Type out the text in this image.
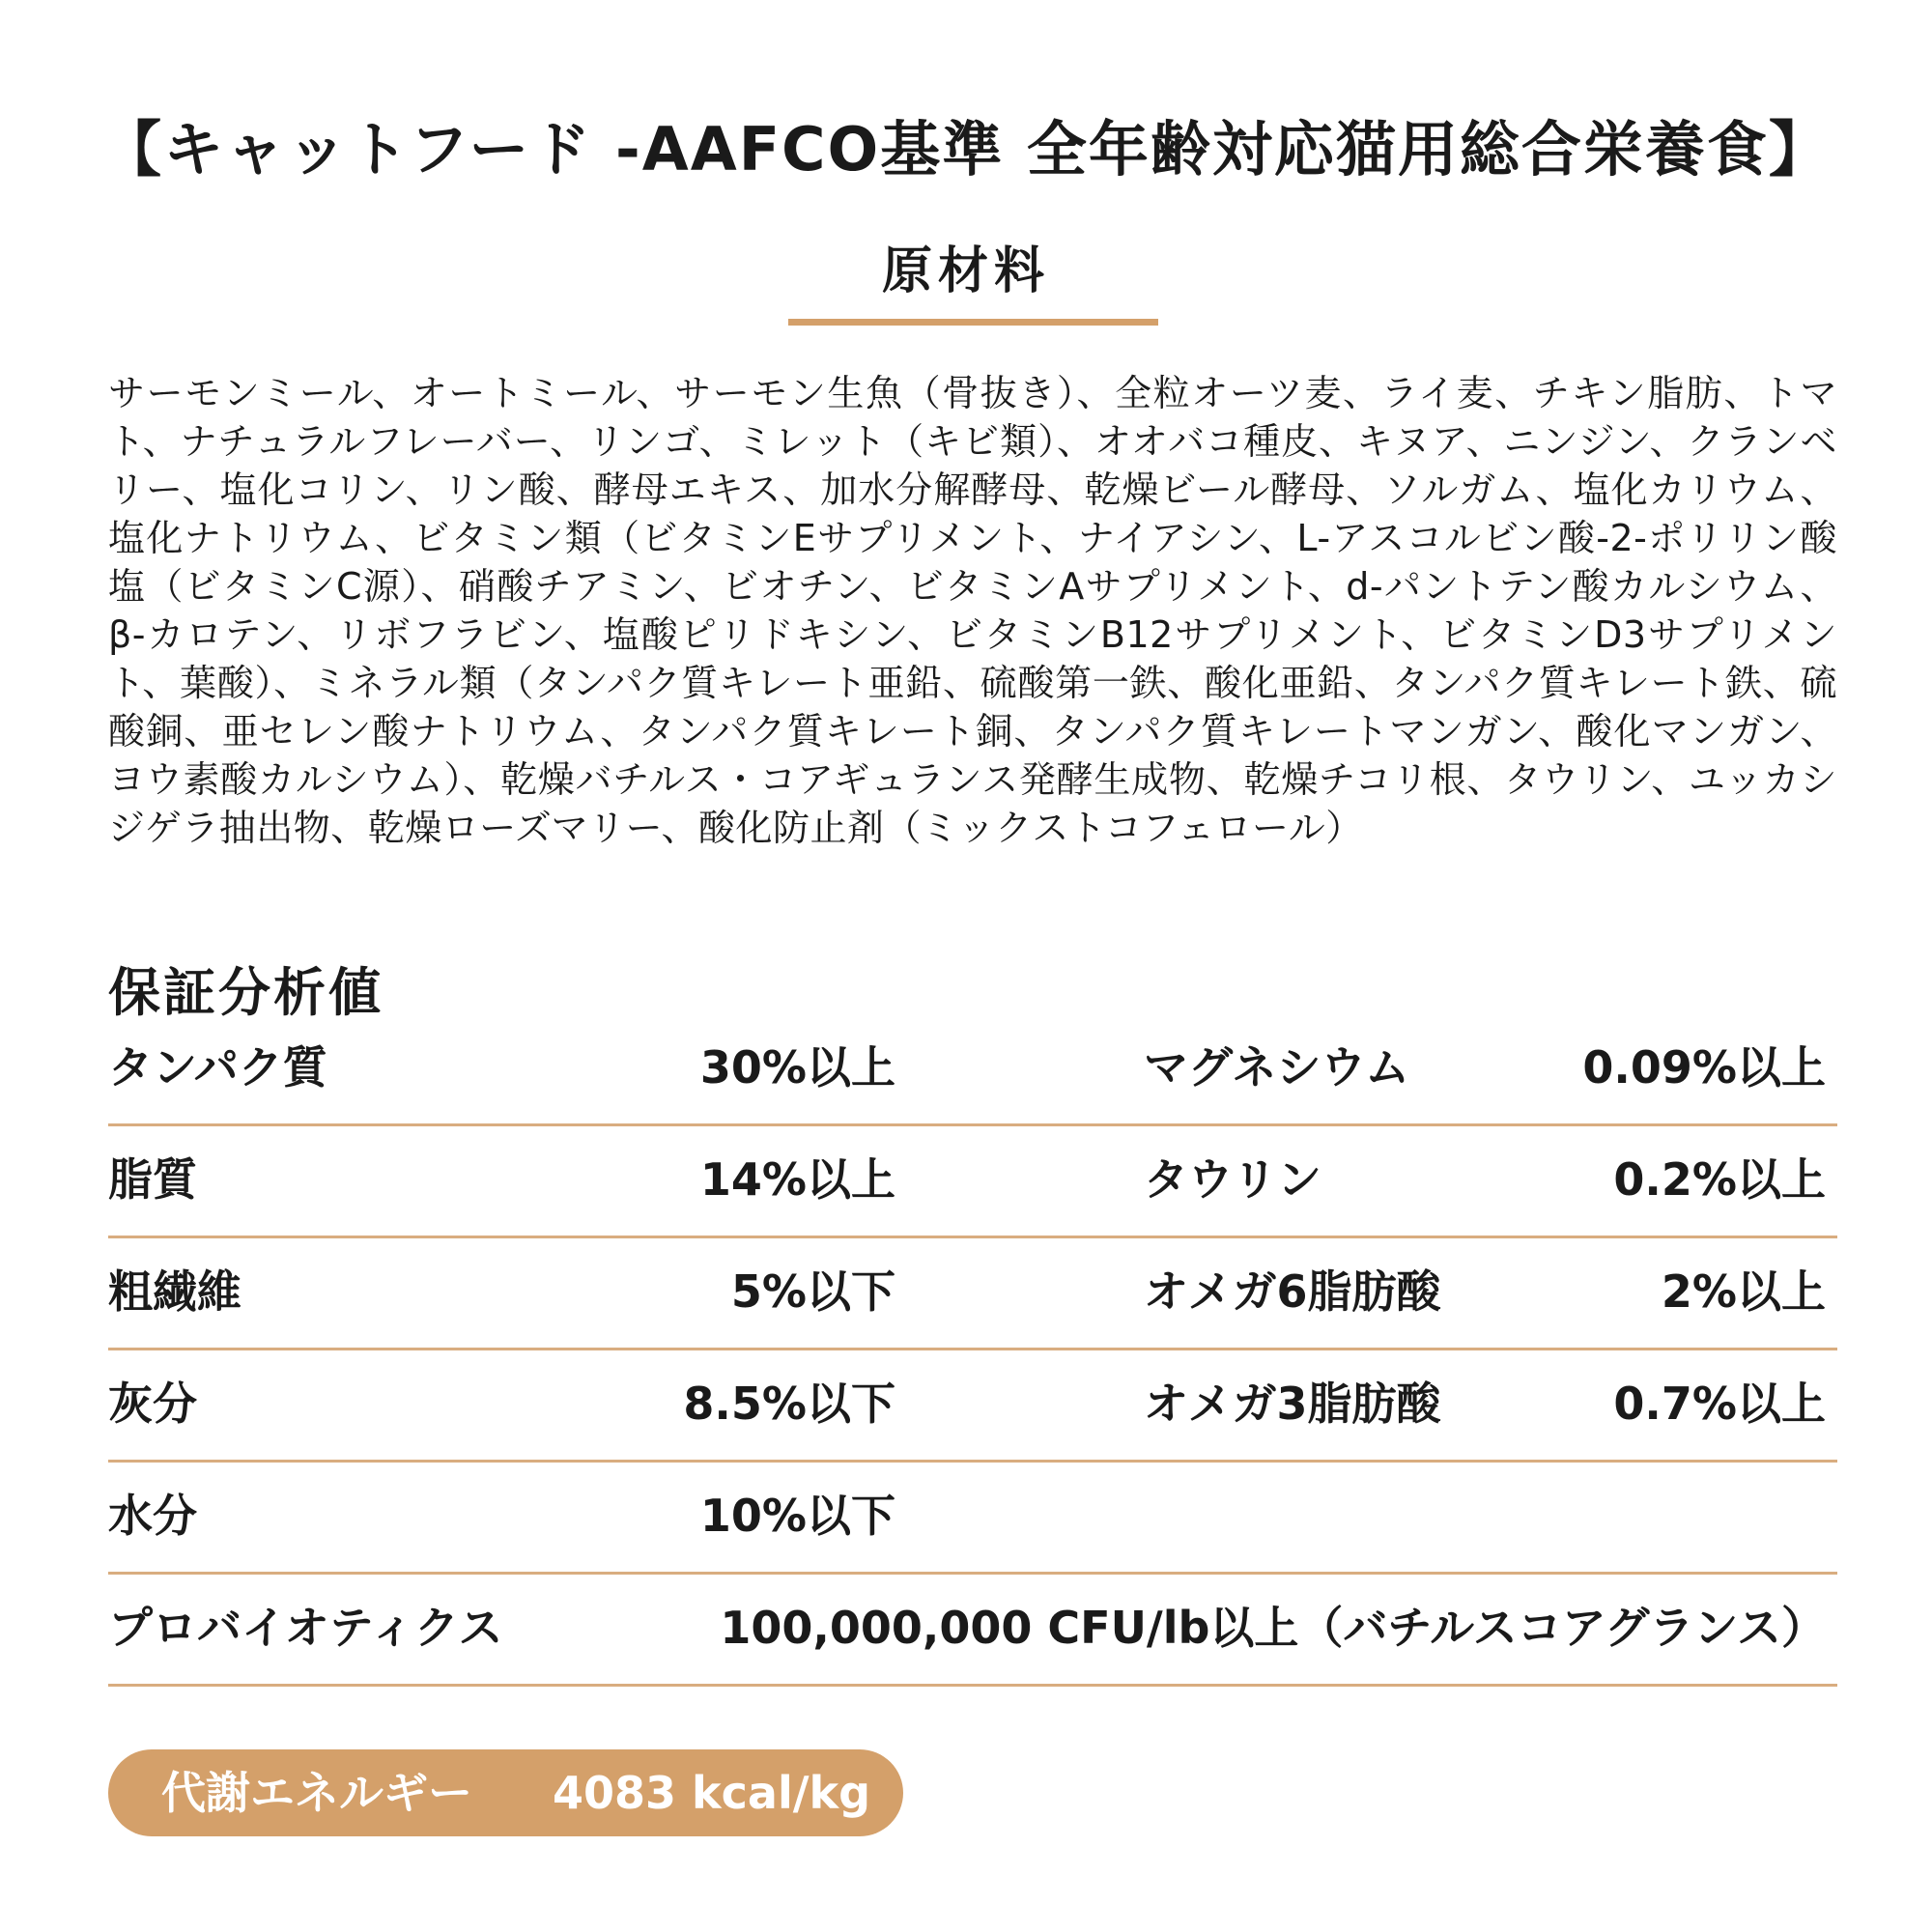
【キャットフード -AAFCO基準 全年齢対応猫用総合栄養食】
原材料
サーモンミール、オートミール、サーモン生魚（骨抜き）、全粒オーツ麦、ライ麦、チキン脂肪、トマト、ナチュラルフレーバー、リンゴ、ミレット（キビ類）、オオバコ種皮、キヌア、ニンジン、クランベリー、塩化コリン、リン酸、酵母エキス、加水分解酵母、乾燥ビール酵母、ソルガム、塩化カリウム、塩化ナトリウム、ビタミン類（ビタミンEサプリメント、ナイアシン、L-アスコルビン酸-2-ポリリン酸塩（ビタミンC源）、硝酸チアミン、ビオチン、ビタミンAサプリメント、d-パントテン酸カルシウム、β-カロテン、リボフラビン、塩酸ピリドキシン、ビタミンB12サプリメント、ビタミンD3サプリメント、葉酸）、ミネラル類（タンパク質キレート亜鉛、硫酸第一鉄、酸化亜鉛、タンパク質キレート鉄、硫酸銅、亜セレン酸ナトリウム、タンパク質キレート銅、タンパク質キレートマンガン、酸化マンガン、ヨウ素酸カルシウム）、乾燥バチルス・コアギュランス発酵生成物、乾燥チコリ根、タウリン、ユッカシジゲラ抽出物、乾燥ローズマリー、酸化防止剤（ミックストコフェロール）
保証分析値
タンパク質	30%以上	マグネシウム	0.09%以上
脂質	14%以上	タウリン	0.2%以上
粗繊維	5%以下	オメガ6脂肪酸	2%以上
灰分	8.5%以下	オメガ3脂肪酸	0.7%以上
水分	10%以下
プロバイオティクス	100,000,000 CFU/lb以上（バチルスコアグランス）
代謝エネルギー 4083 kcal/kg
